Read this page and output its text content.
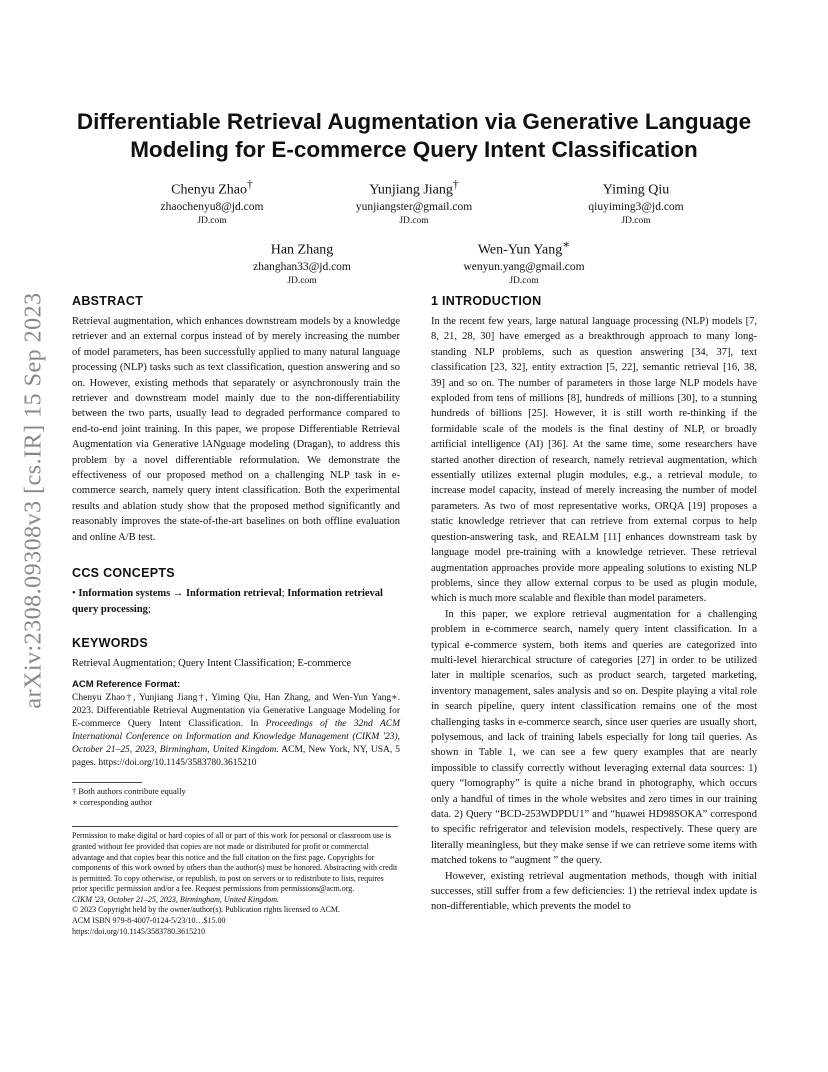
arXiv:2308.09308v3 [cs.IR] 15 Sep 2023
Differentiable Retrieval Augmentation via Generative Language Modeling for E-commerce Query Intent Classification
Chenyu Zhao†
zhaochenyu8@jd.com
JD.com
Yunjiang Jiang†
yunjiangster@gmail.com
JD.com
Yiming Qiu
qiuyiming3@jd.com
JD.com
Han Zhang
zhanghan33@jd.com
JD.com
Wen-Yun Yang∗
wenyun.yang@gmail.com
JD.com
ABSTRACT

Retrieval augmentation, which enhances downstream models by a knowledge retriever and an external corpus instead of by merely increasing the number of model parameters, has been successfully applied to many natural language processing (NLP) tasks such as text classification, question answering and so on. However, existing methods that separately or asynchronously train the retriever and downstream model mainly due to the non-differentiability between the two parts, usually lead to degraded performance compared to end-to-end joint training. In this paper, we propose Differentiable Retrieval Augmentation via Generative lANguage modeling (Dragan), to address this problem by a novel differentiable reformulation. We demonstrate the effectiveness of our proposed method on a challenging NLP task in e-commerce search, namely query intent classification. Both the experimental results and ablation study show that the proposed method significantly and reasonably improves the state-of-the-art baselines on both offline evaluation and online A/B test.

CCS CONCEPTS

• Information systems → Information retrieval; Information retrieval query processing;

KEYWORDS

Retrieval Augmentation; Query Intent Classification; E-commerce

ACM Reference Format:

Chenyu Zhao†, Yunjiang Jiang†, Yiming Qiu, Han Zhang, and Wen-Yun Yang∗. 2023. Differentiable Retrieval Augmentation via Generative Language Modeling for E-commerce Query Intent Classification. In Proceedings of the 32nd ACM International Conference on Information and Knowledge Management (CIKM '23), October 21–25, 2023, Birmingham, United Kingdom. ACM, New York, NY, USA, 5 pages. https://doi.org/10.1145/3583780.3615210

† Both authors contribute equally

∗ corresponding author

Permission to make digital or hard copies of all or part of this work for personal or classroom use is granted without fee provided that copies are not made or distributed for profit or commercial advantage and that copies bear this notice and the full citation on the first page. Copyrights for components of this work owned by others than the author(s) must be honored. Abstracting with credit is permitted. To copy otherwise, or republish, to post on servers or to redistribute to lists, requires prior specific permission and/or a fee. Request permissions from permissions@acm.org.

CIKM '23, October 21–25, 2023, Birmingham, United Kingdom.

© 2023 Copyright held by the owner/author(s). Publication rights licensed to ACM.

ACM ISBN 979-8-4007-0124-5/23/10…$15.00

https://doi.org/10.1145/3583780.3615210

1 INTRODUCTION

In the recent few years, large natural language processing (NLP) models [7, 8, 21, 28, 30] have emerged as a breakthrough approach to many long-standing NLP problems, such as question answering [34, 37], text classification [23, 32], entity extraction [5, 22], semantic retrieval [16, 38, 39] and so on. The number of parameters in those large NLP models have exploded from tens of millions [8], hundreds of millions [30], to a stunning hundreds of billions [25]. However, it is still worth re-thinking if the formidable scale of the models is the final destiny of NLP, or broadly artificial intelligence (AI) [36]. At the same time, some researchers have started another direction of research, namely retrieval augmentation, which essentially utilizes external plugin modules, e.g., a retrieval module, to increase model capacity, instead of merely increasing the number of model parameters. As two of most representative works, ORQA [19] proposes a static knowledge retriever that can retrieve from external corpus to help question-answering task, and REALM [11] enhances downstream task by language model pre-training with a knowledge retriever. These retrieval augmentation approaches provide more appealing solutions to existing NLP problems, since they allow external corpus to be used as plugin module, which is much more scalable and flexible than model parameters.

In this paper, we explore retrieval augmentation for a challenging problem in e-commerce search, namely query intent classification. In a typical e-commerce system, both items and queries are categorized into multi-level hierarchical structure of categories [27] in order to be utilized later in multiple scenarios, such as product search, targeted marketing, inventory management, sales analysis and so on. Despite playing a vital role in search pipeline, query intent classification remains one of the most challenging tasks in e-commerce search, since user queries are usually short, polysemous, and lack of training labels especially for long tail queries. As shown in Table 1, we can see a few query examples that are nearly impossible to classify correctly without leveraging external data sources: 1) query “lomography” is quite a niche brand in photography, which occurs only a handful of times in the whole websites and zero times in our training data. 2) Query “BCD-253WDPDU1” and “huawei HD98SOKA” correspond to specific refrigerator and television models, respectively. These query are literally meaningless, but they make sense if we can retrieve some items with matched tokens to “augment ” the query.

However, existing retrieval augmentation methods, though with initial successes, still suffer from a few deficiencies: 1) the retrieval index update is non-differentiable, which prevents the model to
